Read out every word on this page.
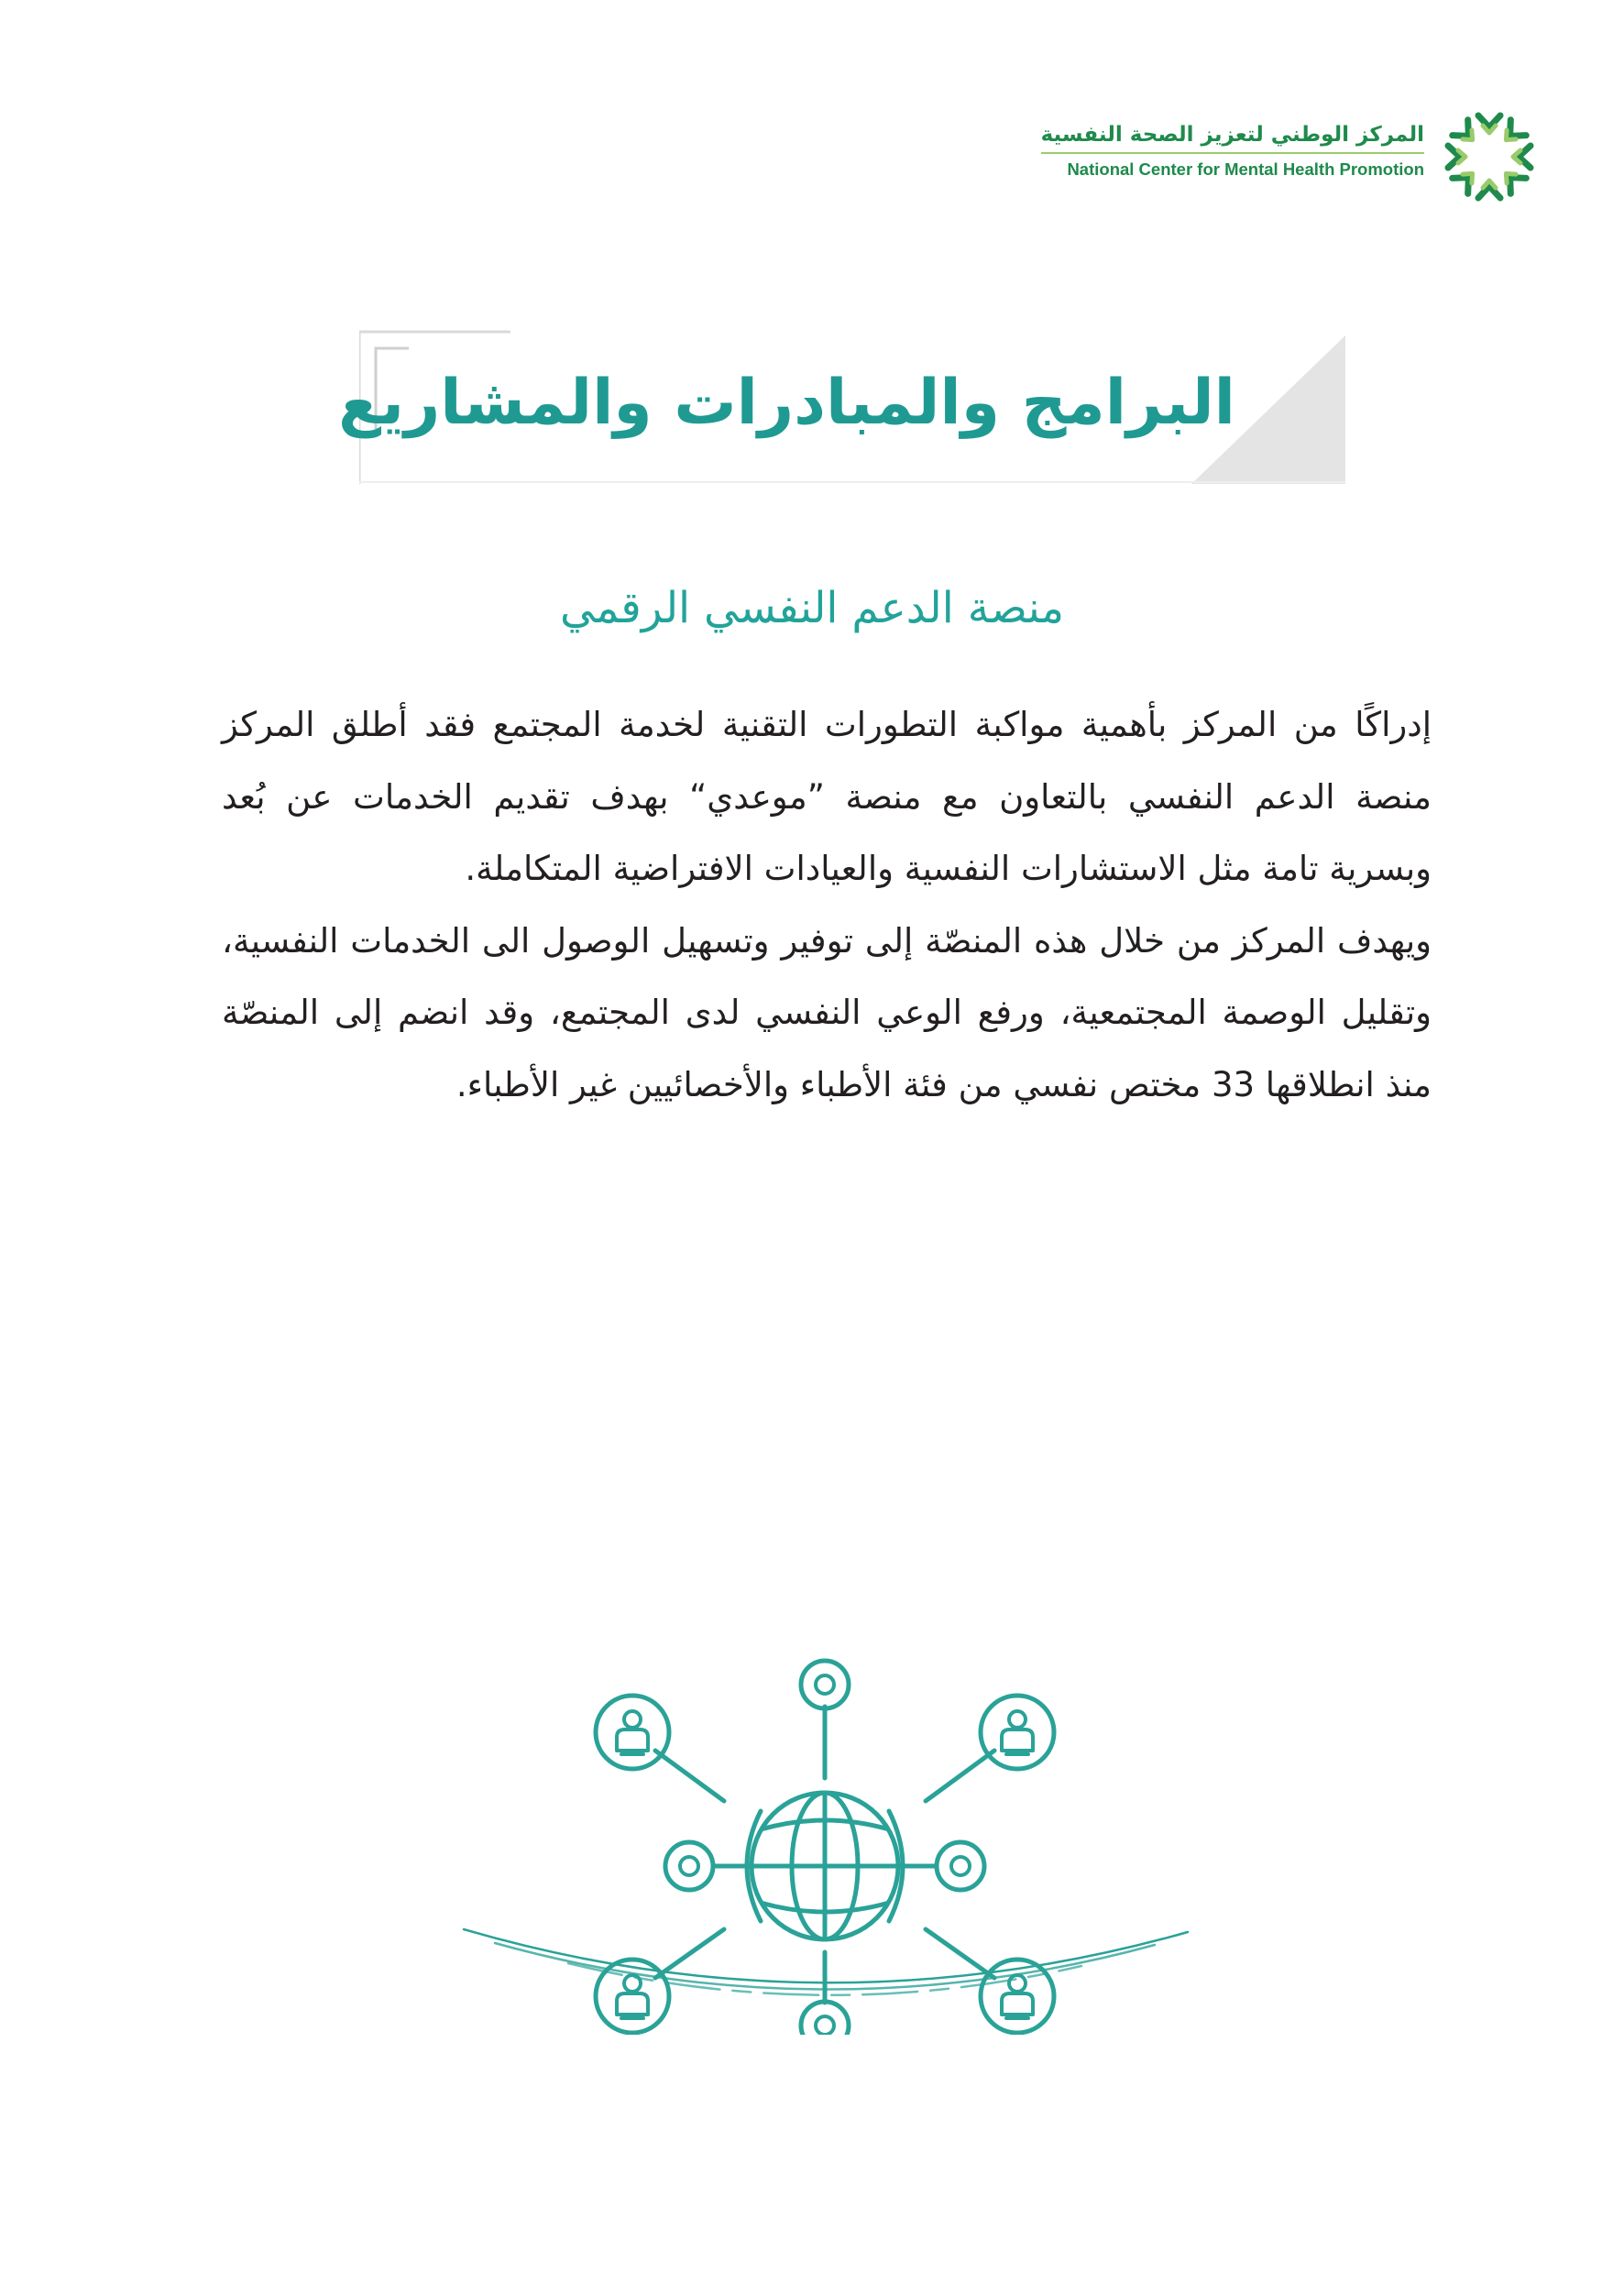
المركز الوطني لتعزيز الصحة النفسية
National Center for Mental Health Promotion
البرامج والمبادرات والمشاريع
منصة الدعم النفسي الرقمي

إدراكًا من المركز بأهمية مواكبة التطورات التقنية لخدمة المجتمع فقد أطلق المركز منصة الدعم النفسي بالتعاون مع منصة ”موعدي“ بهدف تقديم الخدمات عن بُعد وبسرية تامة مثل الاستشارات النفسية والعيادات الافتراضية المتكاملة.

ويهدف المركز من خلال هذه المنصّة إلى توفير وتسهيل الوصول الى الخدمات النفسية، وتقليل الوصمة المجتمعية، ورفع الوعي النفسي لدى المجتمع، وقد انضم إلى المنصّة منذ انطلاقها 33 مختص نفسي من فئة الأطباء والأخصائيين غير الأطباء.
